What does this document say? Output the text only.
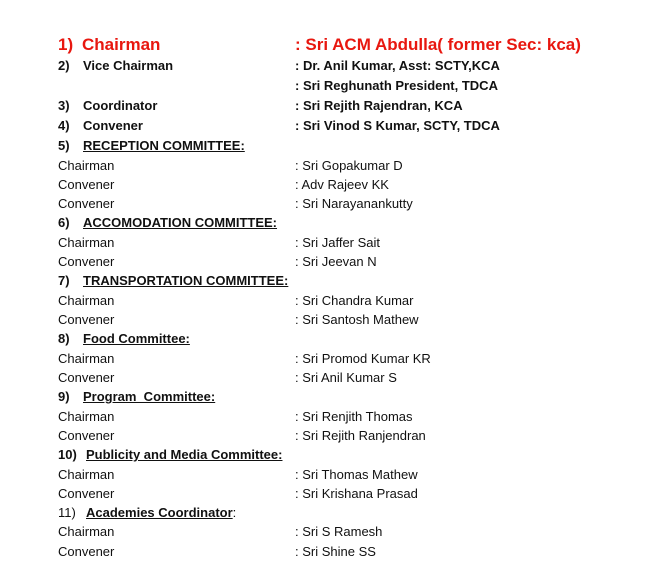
1) Chairman	: Sri ACM Abdulla( former Sec: kca)
2) Vice Chairman	: Dr. Anil Kumar, Asst: SCTY,KCA
: Sri Reghunath President, TDCA
3) Coordinator	: Sri Rejith Rajendran, KCA
4) Convener	: Sri Vinod S Kumar, SCTY, TDCA
5) RECEPTION COMMITTEE:
Chairman	: Sri Gopakumar D
Convener	: Adv Rajeev KK
Convener	: Sri Narayanankutty
6) ACCOMODATION COMMITTEE:
Chairman	: Sri Jaffer Sait
Convener	: Sri Jeevan N
7) TRANSPORTATION COMMITTEE:
Chairman	: Sri Chandra Kumar
Convener	: Sri Santosh Mathew
8) Food Committee:
Chairman	: Sri Promod Kumar KR
Convener	: Sri Anil Kumar S
9) Program  Committee:
Chairman	: Sri Renjith Thomas
Convener	: Sri Rejith Ranjendran
10) Publicity and Media Committee:
Chairman	: Sri Thomas Mathew
Convener	: Sri Krishana Prasad
11) Academies Coordinator:
Chairman	: Sri S Ramesh
Convener	: Sri Shine SS
